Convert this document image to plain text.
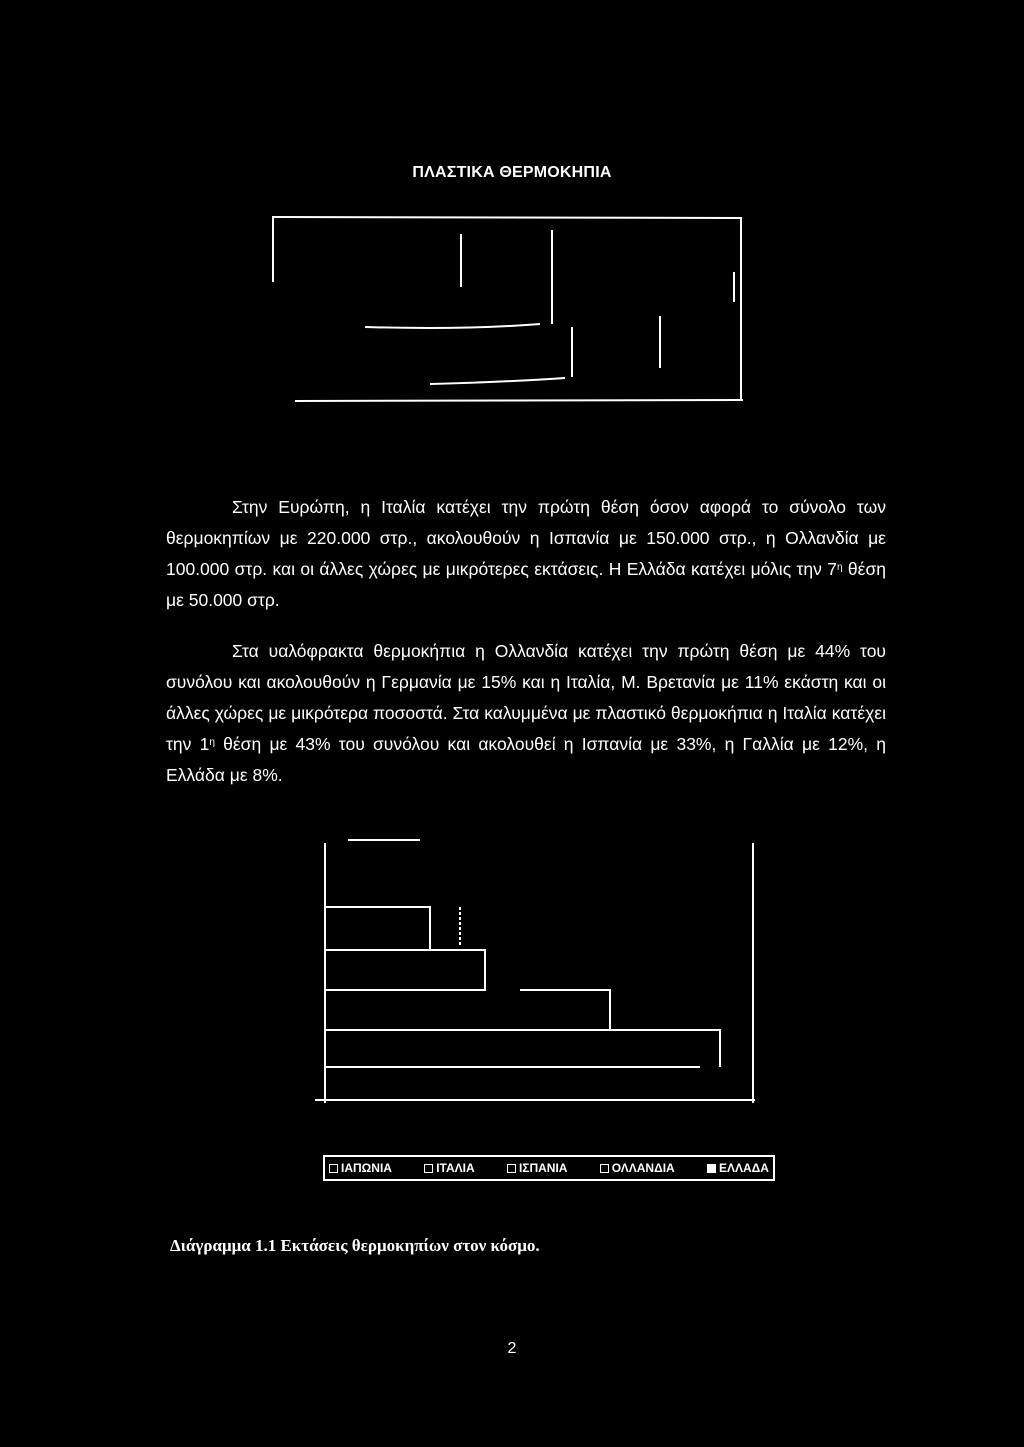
ΠΛΑΣΤΙΚΑ ΘΕΡΜΟΚΗΠΙΑ

Στην Ευρώπη, η Ιταλία κατέχει την πρώτη θέση όσον αφορά το σύνολο των θερμοκηπίων με 220.000 στρ., ακολουθούν η Ισπανία με 150.000 στρ., η Ολλανδία με 100.000 στρ. και οι άλλες χώρες με μικρότερες εκτάσεις. Η Ελλάδα κατέχει μόλις την $7^\eta$ θέση με 50.000 στρ.

Στα υαλόφρακτα θερμοκήπια η Ολλανδία κατέχει την πρώτη θέση με 44% του συνόλου και ακολουθούν η Γερμανία με 15% και η Ιταλία, Μ. Βρετανία με 11% εκάστη και οι άλλες χώρες με μικρότερα ποσοστά. Στα καλυμμένα με πλαστικό θερμοκήπια η Ιταλία κατέχει την $1^\eta$ θέση με 43% του συνόλου και ακολουθεί η Ισπανία με 33%, η Γαλλία με 12%, η Ελλάδα με 8%.

ΙΑΠΩΝΙΑ	ΙΤΑΛΙΑ	ΙΣΠΑΝΙΑ	ΟΛΛΑΝΔΙΑ	ΕΛΛΑΔΑ
Διάγραμμα 1.1 Εκτάσεις θερμοκηπίων στον κόσμο.
2
